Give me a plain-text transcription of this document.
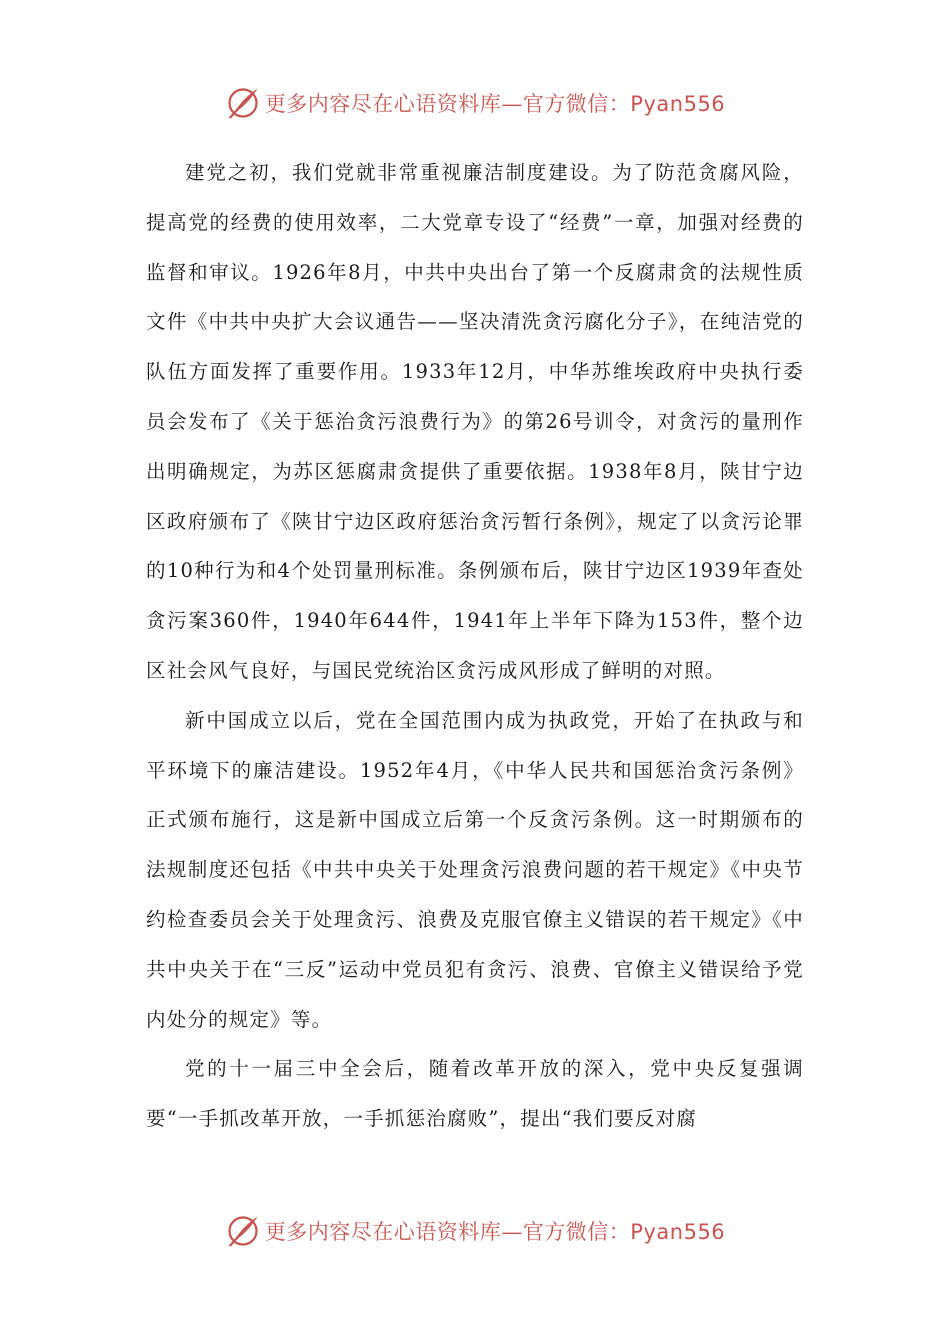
更多内容尽在心语资料库—官方微信：Pyan556

建党之初，我们党就非常重视廉洁制度建设。为了防范贪腐风险，提高党的经费的使用效率，二大党章专设了“经费”一章，加强对经费的监督和审议。1926年8月，中共中央出台了第一个反腐肃贪的法规性质文件《中共中央扩大会议通告——坚决清洗贪污腐化分子》，在纯洁党的队伍方面发挥了重要作用。1933年12月，中华苏维埃政府中央执行委员会发布了《关于惩治贪污浪费行为》的第26号训令，对贪污的量刑作出明确规定，为苏区惩腐肃贪提供了重要依据。1938年8月，陕甘宁边区政府颁布了《陕甘宁边区政府惩治贪污暂行条例》，规定了以贪污论罪的10种行为和4个处罚量刑标准。条例颁布后，陕甘宁边区1939年查处贪污案360件，1940年644件，1941年上半年下降为153件，整个边区社会风气良好，与国民党统治区贪污成风形成了鲜明的对照。

新中国成立以后，党在全国范围内成为执政党，开始了在执政与和平环境下的廉洁建设。1952年4月，《中华人民共和国惩治贪污条例》正式颁布施行，这是新中国成立后第一个反贪污条例。这一时期颁布的法规制度还包括《中共中央关于处理贪污浪费问题的若干规定》《中央节约检查委员会关于处理贪污、浪费及克服官僚主义错误的若干规定》《中共中央关于在“三反”运动中党员犯有贪污、浪费、官僚主义错误给予党内处分的规定》等。

党的十一届三中全会后，随着改革开放的深入，党中央反复强调要“一手抓改革开放，一手抓惩治腐败”，提出“我们要反对腐

更多内容尽在心语资料库—官方微信：Pyan556
